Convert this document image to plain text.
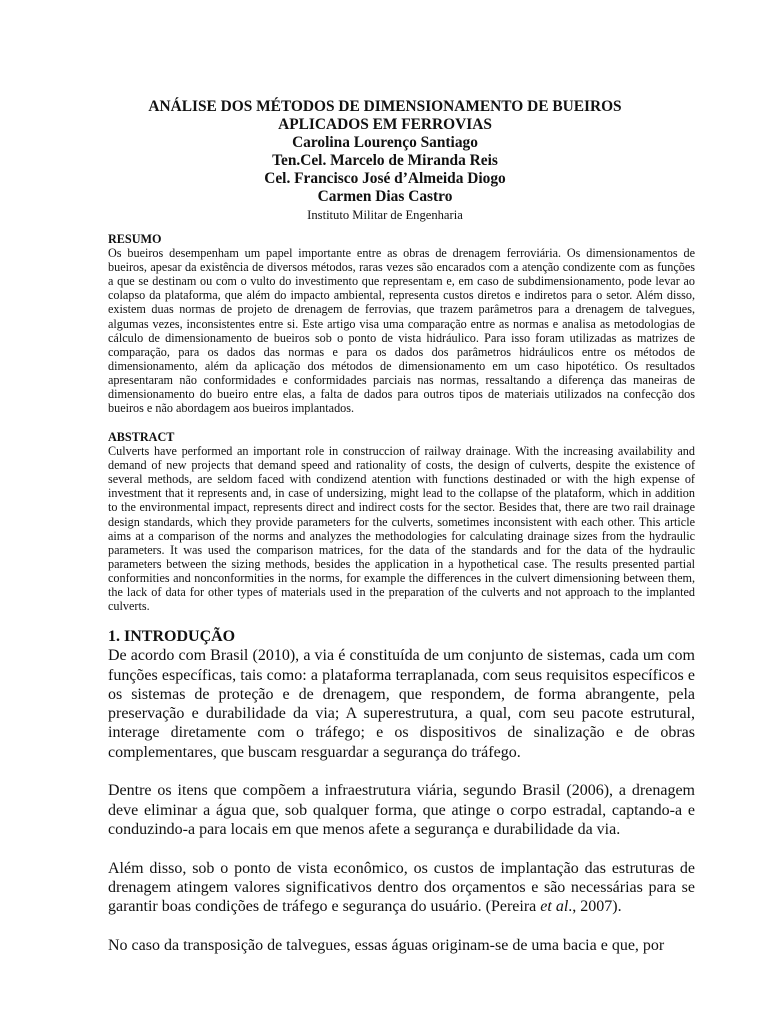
ANÁLISE DOS MÉTODOS DE DIMENSIONAMENTO DE BUEIROS
APLICADOS EM FERROVIAS
Carolina Lourenço Santiago
Ten.Cel. Marcelo de Miranda Reis
Cel. Francisco José d’Almeida Diogo
Carmen Dias Castro
Instituto Militar de Engenharia
RESUMO
Os bueiros desempenham um papel importante entre as obras de drenagem ferroviária. Os dimensionamentos de bueiros, apesar da existência de diversos métodos, raras vezes são encarados com a atenção condizente com as funções a que se destinam ou com o vulto do investimento que representam e, em caso de subdimensionamento, pode levar ao colapso da plataforma, que além do impacto ambiental, representa custos diretos e indiretos para o setor. Além disso, existem duas normas de projeto de drenagem de ferrovias, que trazem parâmetros para a drenagem de talvegues, algumas vezes, inconsistentes entre si. Este artigo visa uma comparação entre as normas e analisa as metodologias de cálculo de dimensionamento de bueiros sob o ponto de vista hidráulico. Para isso foram utilizadas as matrizes de comparação, para os dados das normas e para os dados dos parâmetros hidráulicos entre os métodos de dimensionamento, além da aplicação dos métodos de dimensionamento em um caso hipotético. Os resultados apresentaram não conformidades e conformidades parciais nas normas, ressaltando a diferença das maneiras de dimensionamento do bueiro entre elas, a falta de dados para outros tipos de materiais utilizados na confecção dos bueiros e não abordagem aos bueiros implantados.
ABSTRACT
Culverts have performed an important role in construccion of railway drainage. With the increasing availability and demand of new projects that demand speed and rationality of costs, the design of culverts, despite the existence of several methods, are seldom faced with condizend atention with functions destinaded or with the high expense of investment that it represents and, in case of undersizing, might lead to the collapse of the plataform, which in addition to the environmental impact, represents direct and indirect costs for the sector. Besides that, there are two rail drainage design standards, which they provide parameters for the culverts, sometimes inconsistent with each other. This article aims at a comparison of the norms and analyzes the methodologies for calculating drainage sizes from the hydraulic parameters. It was used the comparison matrices, for the data of the standards and for the data of the hydraulic parameters between the sizing methods, besides the application in a hypothetical case. The results presented partial conformities and nonconformities in the norms, for example the differences in the culvert dimensioning between them, the lack of data for other types of materials used in the preparation of the culverts and not approach to the implanted culverts.
1. INTRODUÇÃO

De acordo com Brasil (2010), a via é constituída de um conjunto de sistemas, cada um com funções específicas, tais como: a plataforma terraplanada, com seus requisitos específicos e os sistemas de proteção e de drenagem, que respondem, de forma abrangente, pela preservação e durabilidade da via; A superestrutura, a qual, com seu pacote estrutural, interage diretamente com o tráfego; e os dispositivos de sinalização e de obras complementares, que buscam resguardar a segurança do tráfego.

Dentre os itens que compõem a infraestrutura viária, segundo Brasil (2006), a drenagem deve eliminar a água que, sob qualquer forma, que atinge o corpo estradal, captando-a e conduzindo-a para locais em que menos afete a segurança e durabilidade da via.

Além disso, sob o ponto de vista econômico, os custos de implantação das estruturas de drenagem atingem valores significativos dentro dos orçamentos e são necessárias para se garantir boas condições de tráfego e segurança do usuário. (Pereira et al., 2007).

No caso da transposição de talvegues, essas águas originam-se de uma bacia e que, por
